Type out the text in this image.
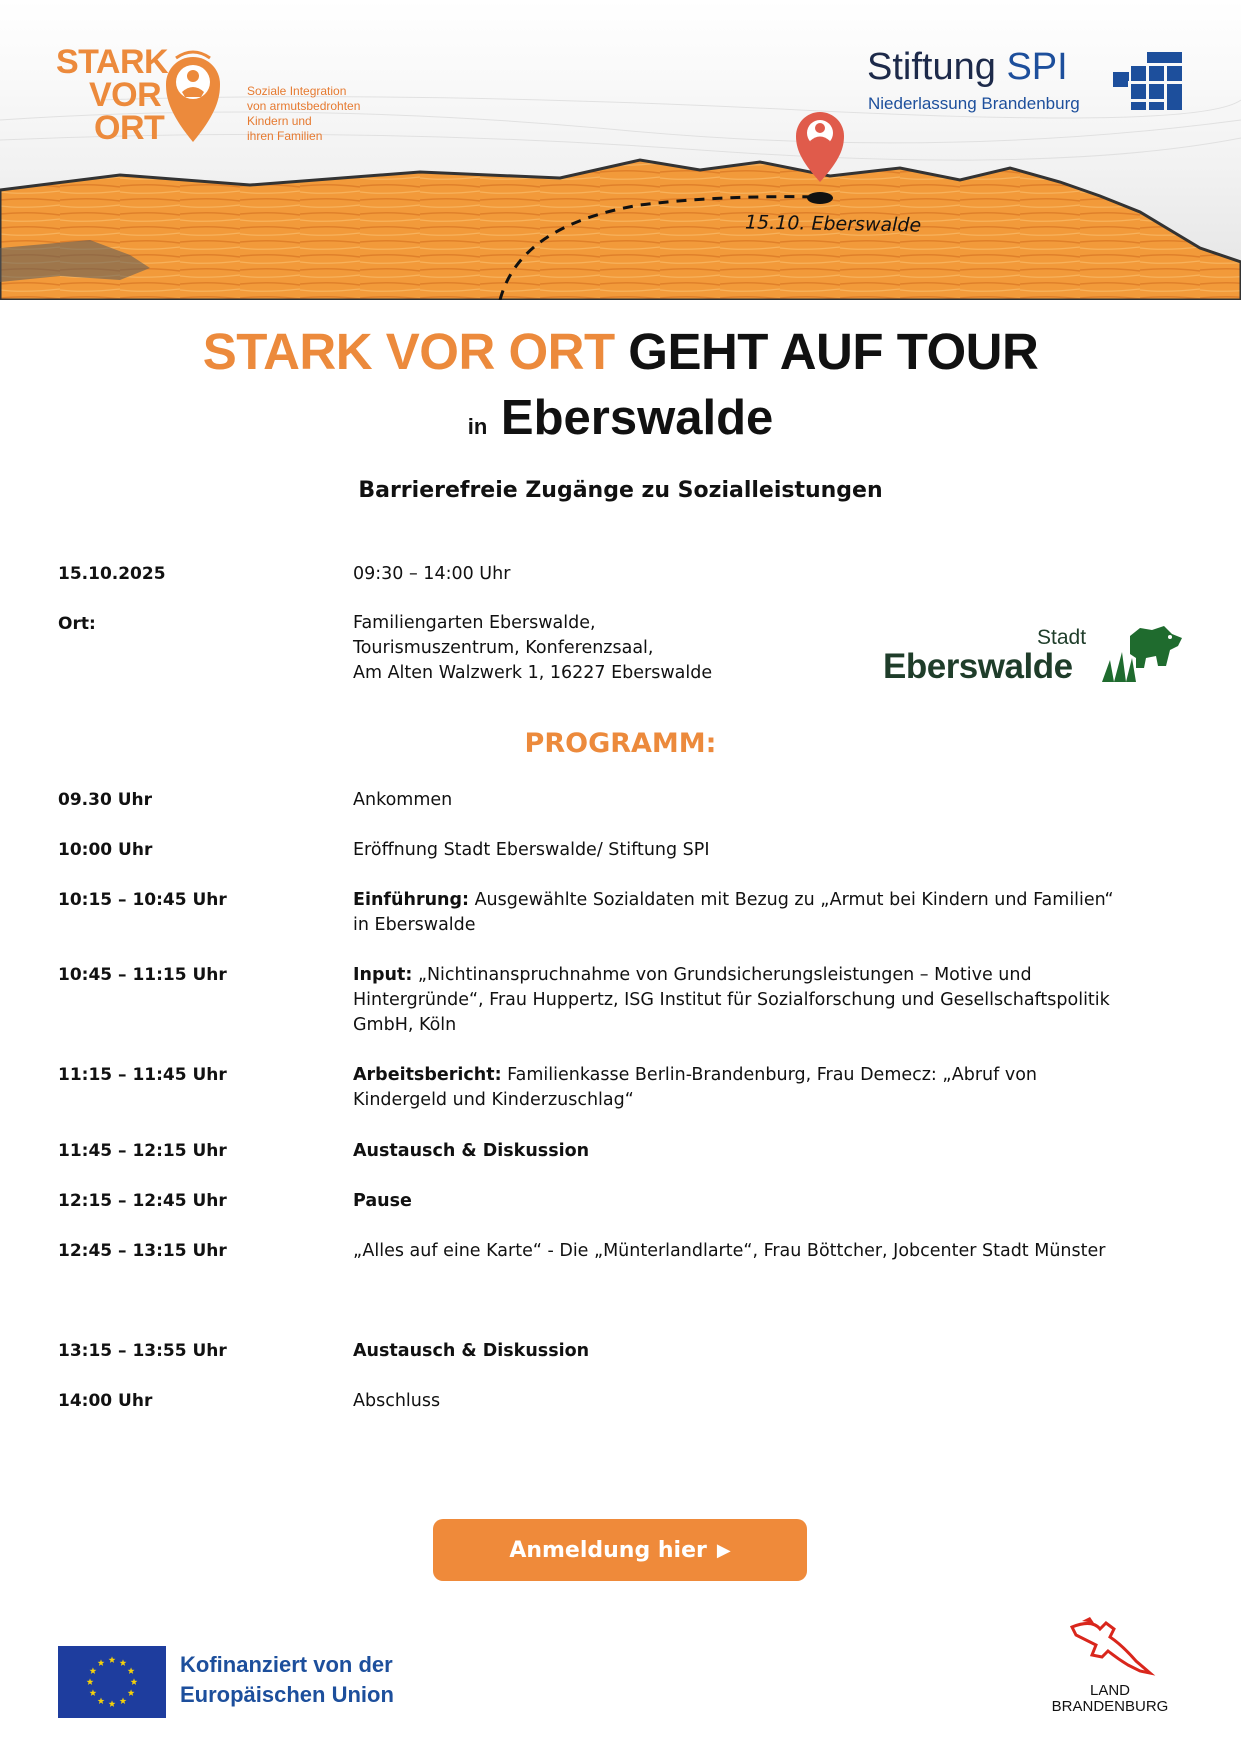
STARK
VOR
ORT
Soziale Integration
von armutsbedrohten
Kindern und
ihren Familien
Stiftung SPI
Niederlassung Brandenburg
15.10. Eberswalde
STARK VOR ORT GEHT AUF TOUR
in Eberswalde
Barrierefreie Zugänge zu Sozialleistungen
15.10.2025	09:30 – 14:00 Uhr
Ort:	Familiengarten Eberswalde,
Tourismuszentrum, Konferenzsaal,
Am Alten Walzwerk 1, 16227 Eberswalde
Stadt
Eberswalde
PROGRAMM:
09.30 Uhr	Ankommen
10:00 Uhr	Eröffnung Stadt Eberswalde/ Stiftung SPI
10:15 – 10:45 Uhr	Einführung: Ausgewählte Sozialdaten mit Bezug zu „Armut bei Kindern und Familien“ in Eberswalde
10:45 – 11:15 Uhr	Input: „Nichtinanspruchnahme von Grundsicherungsleistungen – Motive und Hintergründe“, Frau Huppertz, ISG Institut für Sozialforschung und Gesellschaftspolitik GmbH, Köln
11:15 – 11:45 Uhr	Arbeitsbericht: Familienkasse Berlin-Brandenburg, Frau Demecz: „Abruf von Kindergeld und Kinderzuschlag“
11:45 – 12:15 Uhr	Austausch & Diskussion
12:15 – 12:45 Uhr	Pause
12:45 – 13:15 Uhr	„Alles auf eine Karte“ - Die „Münterlandlarte“, Frau Böttcher, Jobcenter Stadt Münster
13:15 – 13:55 Uhr	Austausch & Diskussion
14:00 Uhr	Abschluss
Anmeldung hier ▶
Kofinanziert von der
Europäischen Union	LAND
BRANDENBURG
